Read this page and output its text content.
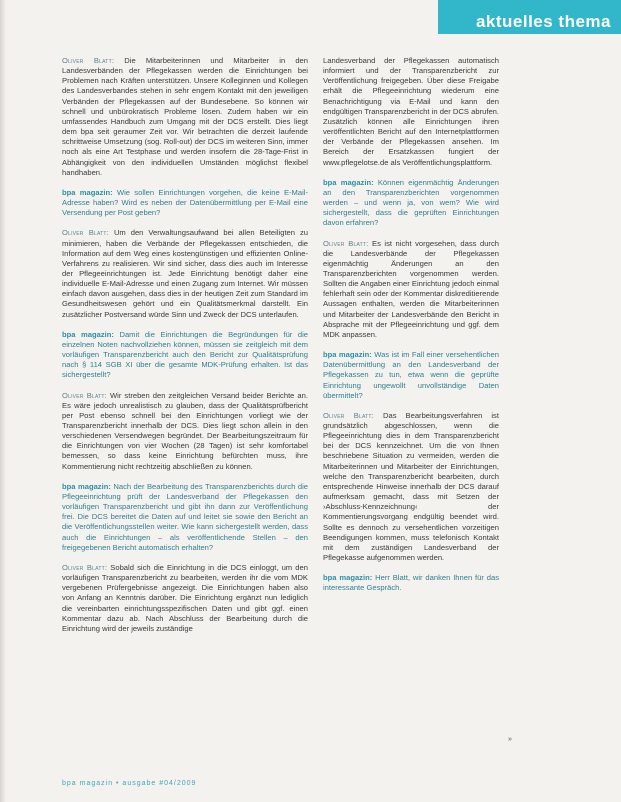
aktuelles thema

Oliver Blatt: Die Mitarbeiterinnen und Mitarbeiter in den Landesverbänden der Pflegekassen werden die Einrichtungen bei Problemen nach Kräften unterstützen. Unsere Kolleginnen und Kollegen des Landesverbandes stehen in sehr engem Kontakt mit den jeweiligen Verbänden der Pflegekassen auf der Bundesebene. So können wir schnell und unbürokratisch Probleme lösen. Zudem haben wir ein umfassendes Handbuch zum Umgang mit der DCS erstellt. Dies liegt dem bpa seit geraumer Zeit vor. Wir betrachten die derzeit laufende schrittweise Umsetzung (sog. Roll-out) der DCS im weiteren Sinn, immer noch als eine Art Testphase und werden insofern die 28-Tage-Frist in Abhängigkeit von den individuellen Umständen möglichst flexibel handhaben.

bpa magazin: Wie sollen Einrichtungen vorgehen, die keine E-Mail-Adresse haben? Wird es neben der Datenübermittlung per E-Mail eine Versendung per Post geben?

Oliver Blatt: Um den Verwaltungsaufwand bei allen Beteiligten zu minimieren, haben die Verbände der Pflegekassen entschieden, die Information auf dem Weg eines kostengünstigen und effizienten Online-Verfahrens zu realisieren. Wir sind sicher, dass dies auch im Interesse der Pflegeeinrichtungen ist. Jede Einrichtung benötigt daher eine individuelle E-Mail-Adresse und einen Zugang zum Internet. Wir müssen einfach davon ausgehen, dass dies in der heutigen Zeit zum Standard im Gesundheitswesen gehört und ein Qualitätsmerkmal darstellt. Ein zusätzlicher Postversand würde Sinn und Zweck der DCS unterlaufen.

bpa magazin: Damit die Einrichtungen die Begründungen für die einzelnen Noten nachvollziehen können, müssen sie zeitgleich mit dem vorläufigen Transparenzbericht auch den Bericht zur Qualitätsprüfung nach § 114 SGB XI über die gesamte MDK-Prüfung erhalten. Ist das sichergestellt?

Oliver Blatt: Wir streben den zeitgleichen Versand beider Berichte an. Es wäre jedoch unrealistisch zu glauben, dass der Qualitätsprüfbericht per Post ebenso schnell bei den Einrichtungen vorliegt wie der Transparenzbericht innerhalb der DCS. Dies liegt schon allein in den verschiedenen Versendwegen begründet. Der Bearbeitungszeitraum für die Einrichtungen von vier Wochen (28 Tagen) ist sehr komfortabel bemessen, so dass keine Einrichtung befürchten muss, ihre Kommentierung nicht rechtzeitig abschließen zu können.

bpa magazin: Nach der Bearbeitung des Transparenzberichts durch die Pflegeeinrichtung prüft der Landesverband der Pflegekassen den vorläufigen Transparenzbericht und gibt ihn dann zur Veröffentlichung frei. Die DCS bereitet die Daten auf und leitet sie sowie den Bericht an die Veröffentlichungsstellen weiter. Wie kann sichergestellt werden, dass auch die Einrichtungen – als veröffentlichende Stellen – den freigegebenen Bericht automatisch erhalten?

Oliver Blatt: Sobald sich die Einrichtung in die DCS einloggt, um den vorläufigen Transparenzbericht zu bearbeiten, werden ihr die vom MDK vergebenen Prüfergebnisse angezeigt. Die Einrichtungen haben also von Anfang an Kenntnis darüber. Die Einrichtung ergänzt nun lediglich die vereinbarten einrichtungsspezifischen Daten und gibt ggf. einen Kommentar dazu ab. Nach Abschluss der Bearbeitung durch die Einrichtung wird der jeweils zuständige

Landesverband der Pflegekassen automatisch informiert und der Transparenzbericht zur Veröffentlichung freigegeben. Über diese Freigabe erhält die Pflegeeinrichtung wiederum eine Benachrichtigung via E-Mail und kann den endgültigen Transparenzbericht in der DCS abrufen. Zusätzlich können alle Einrichtungen ihren veröffentlichten Bericht auf den Internetplattformen der Verbände der Pflegekassen ansehen. Im Bereich der Ersatzkassen fungiert der www.pflegelotse.de als Veröffentlichungsplattform.

bpa magazin: Können eigenmächtig Änderungen an den Transparenzberichten vorgenommen werden – und wenn ja, von wem? Wie wird sichergestellt, dass die geprüften Einrichtungen davon erfahren?

Oliver Blatt: Es ist nicht vorgesehen, dass durch die Landesverbände der Pflegekassen eigenmächtig Änderungen an den Transparenzberichten vorgenommen werden. Sollten die Angaben einer Einrichtung jedoch einmal fehlerhaft sein oder der Kommentar diskreditierende Aussagen enthalten, werden die Mitarbeiterinnen und Mitarbeiter der Landesverbände den Bericht in Absprache mit der Pflegeeinrichtung und ggf. dem MDK anpassen.

bpa magazin: Was ist im Fall einer versehentlichen Datenübermittlung an den Landesverband der Pflegekassen zu tun, etwa wenn die geprüfte Einrichtung ungewollt unvollständige Daten übermittelt?

Oliver Blatt: Das Bearbeitungsverfahren ist grundsätzlich abgeschlossen, wenn die Pflegeeinrichtung dies in dem Transparenzbericht bei der DCS kennzeichnet. Um die von Ihnen beschriebene Situation zu vermeiden, werden die Mitarbeiterinnen und Mitarbeiter der Einrichtungen, welche den Transparenzbericht bearbeiten, durch entsprechende Hinweise innerhalb der DCS darauf aufmerksam gemacht, dass mit Setzen der ›Abschluss-Kennzeichnung‹ der Kommentierungsvorgang endgültig beendet wird. Sollte es dennoch zu versehentlichen vorzeitigen Beendigungen kommen, muss telefonisch Kontakt mit dem zuständigen Landesverband der Pflegekasse aufgenommen werden.

bpa magazin: Herr Blatt, wir danken Ihnen für das interessante Gespräch.

»
bpa magazin • ausgabe #04/2009
